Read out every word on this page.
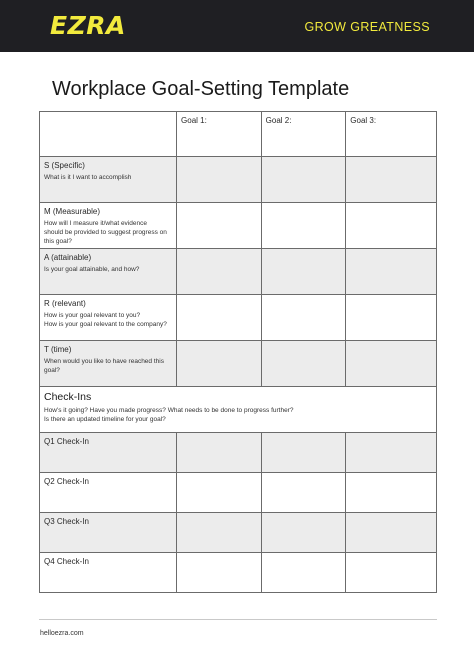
EZRA	GROW GREATNESS
Workplace Goal-Setting Template
	Goal 1:	Goal 2:	Goal 3:

S (Specific)
What is it I want to accomplish			

M (Measurable)
How will I measure it/what evidence
should be provided to suggest progress on
this goal?			

A (attainable)
Is your goal attainable, and how?			

R (relevant)
How is your goal relevant to you?
How is your goal relevant to the company?			

T (time)
When would you like to have reached this
goal?			

Check-Ins
How's it going? Have you made progress? What needs to be done to progress further?
Is there an updated timeline for your goal?			

Q1 Check-In			

Q2 Check-In			

Q3 Check-In			

Q4 Check-In			

helloezra.com
